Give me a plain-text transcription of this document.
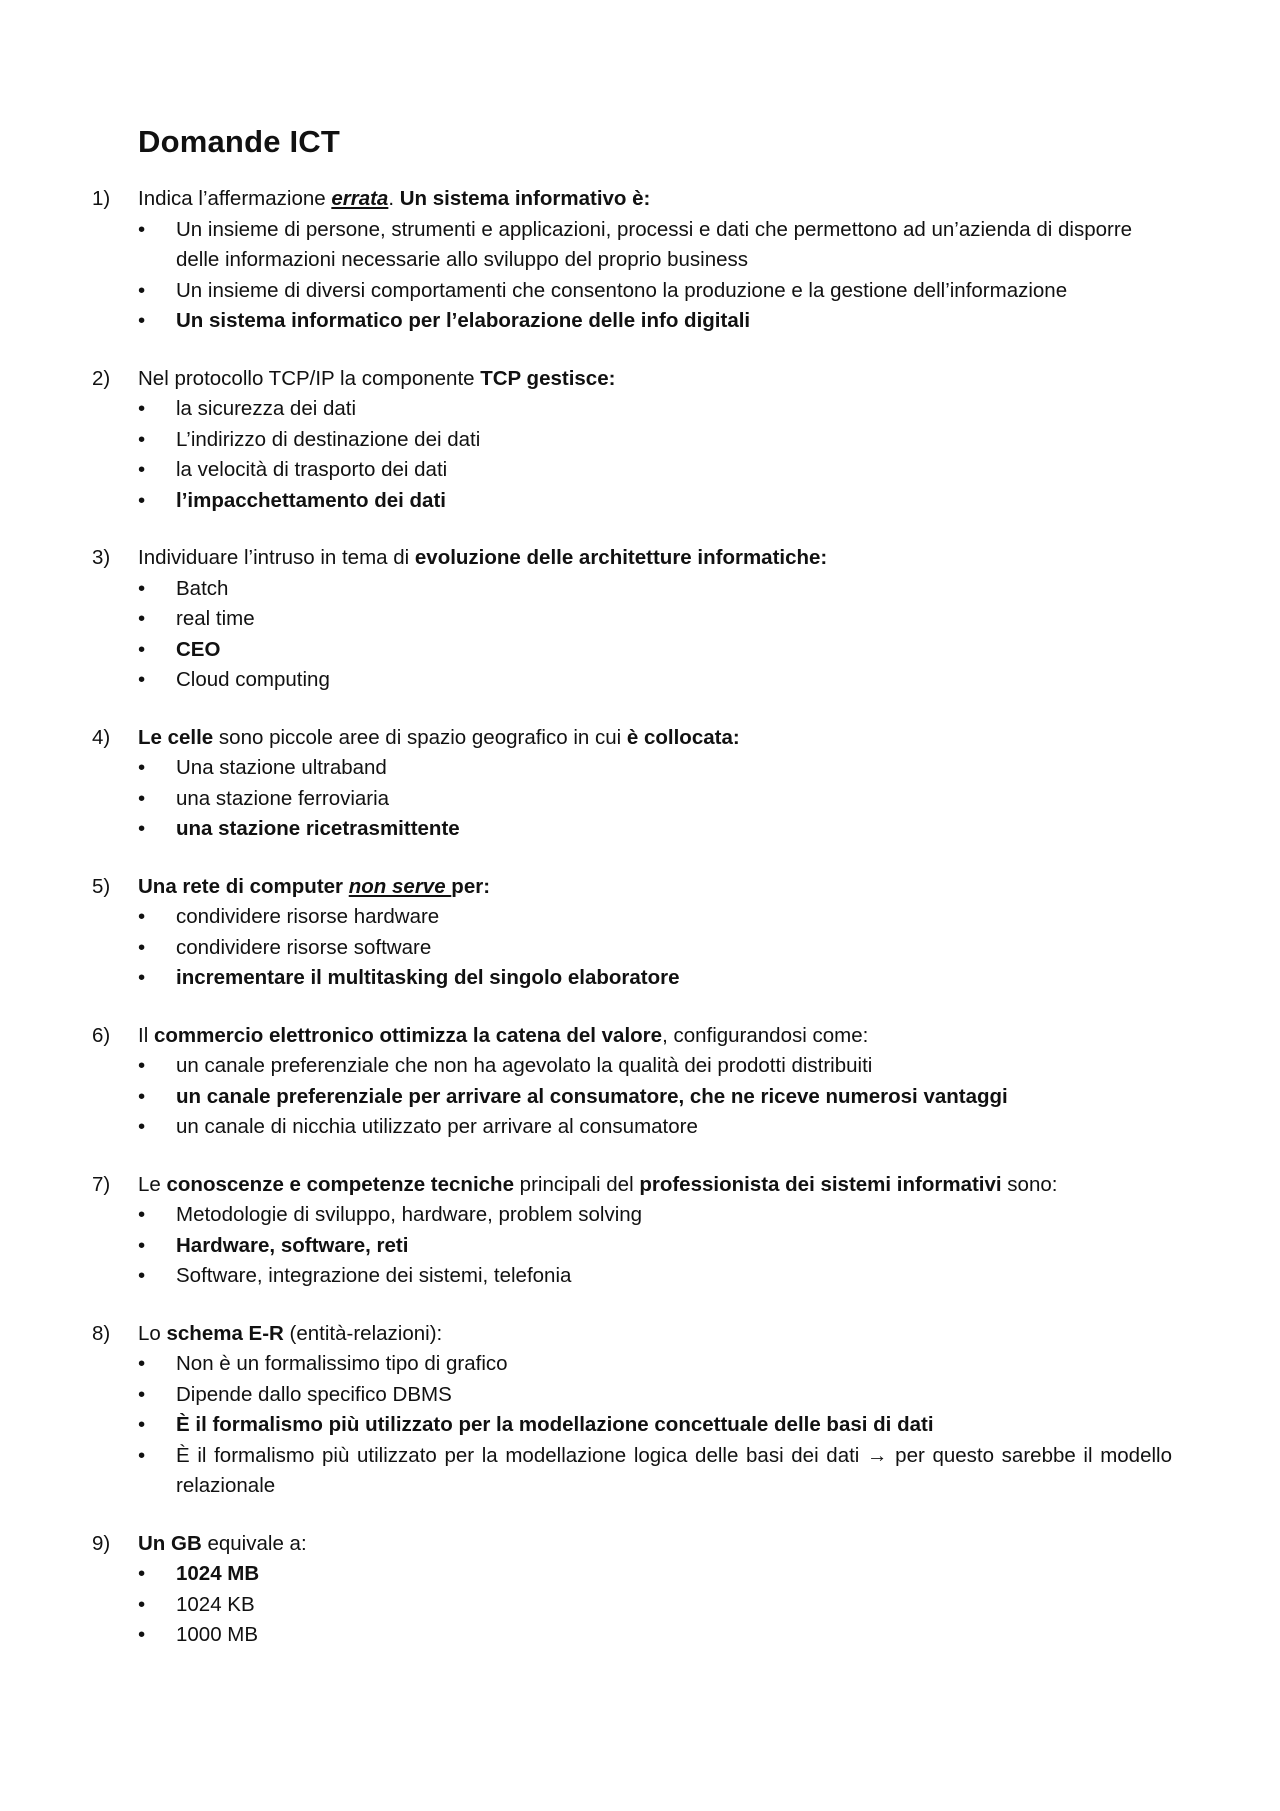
Domande ICT
1)	Indica l’affermazione errata. Un sistema informativo è:
•	Un insieme di persone, strumenti e applicazioni, processi e dati che permettono ad un’azienda di disporre delle informazioni necessarie allo sviluppo del proprio business
•	Un insieme di diversi comportamenti che consentono la produzione e la gestione dell’informazione
•	Un sistema informatico per l’elaborazione delle info digitali
2)	Nel protocollo TCP/IP la componente TCP gestisce:
•	la sicurezza dei dati
•	L’indirizzo di destinazione dei dati
•	la velocità di trasporto dei dati
•	l’impacchettamento dei dati
3)	Individuare l’intruso in tema di evoluzione delle architetture informatiche:
•	Batch
•	real time
•	CEO
•	Cloud computing
4)	Le celle sono piccole aree di spazio geografico in cui è collocata:
•	Una stazione ultraband
•	una stazione ferroviaria
•	una stazione ricetrasmittente
5)	Una rete di computer non serve per:
•	condividere risorse hardware
•	condividere risorse software
•	incrementare il multitasking del singolo elaboratore
6)	Il commercio elettronico ottimizza la catena del valore, configurandosi come:
•	un canale preferenziale che non ha agevolato la qualità dei prodotti distribuiti
•	un canale preferenziale per arrivare al consumatore, che ne riceve numerosi vantaggi
•	un canale di nicchia utilizzato per arrivare al consumatore
7)	Le conoscenze e competenze tecniche principali del professionista dei sistemi informativi sono:
•	Metodologie di sviluppo, hardware, problem solving
•	Hardware, software, reti
•	Software, integrazione dei sistemi, telefonia
8)	Lo schema E-R (entità-relazioni):
•	Non è un formalissimo tipo di grafico
•	Dipende dallo specifico DBMS
•	È il formalismo più utilizzato per la modellazione concettuale delle basi di dati
•	È il formalismo più utilizzato per la modellazione logica delle basi dei dati → per questo sarebbe il modello relazionale
9)	Un GB equivale a:
•	1024 MB
•	1024 KB
•	1000 MB
